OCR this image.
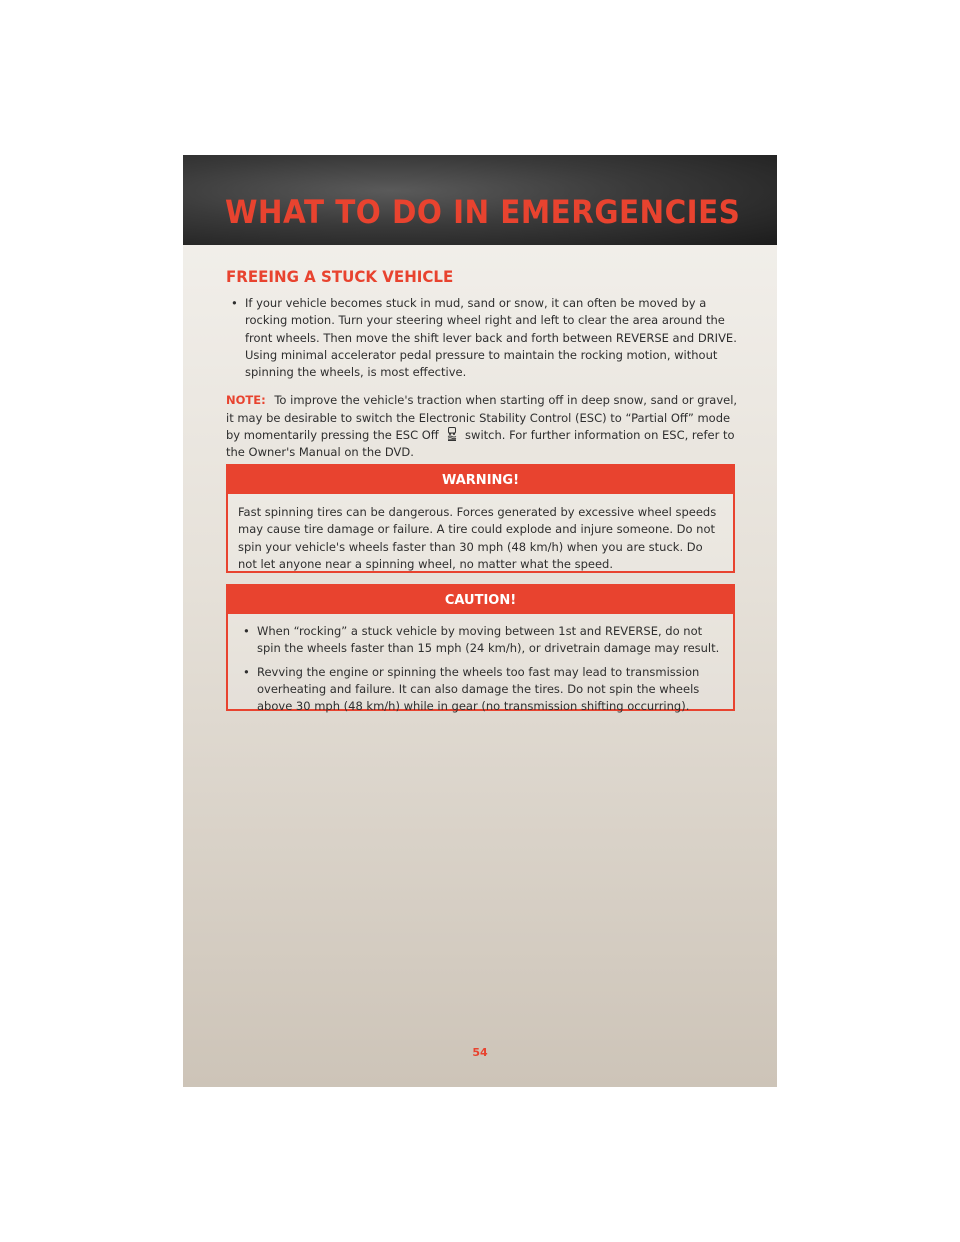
WHAT TO DO IN EMERGENCIES
FREEING A STUCK VEHICLE
• If your vehicle becomes stuck in mud, sand or snow, it can often be moved by a rocking motion. Turn your steering wheel right and left to clear the area around the front wheels. Then move the shift lever back and forth between REVERSE and DRIVE. Using minimal accelerator pedal pressure to maintain the rocking motion, without spinning the wheels, is most effective.
NOTE: To improve the vehicle's traction when starting off in deep snow, sand or gravel, it may be desirable to switch the Electronic Stability Control (ESC) to “Partial Off” mode by momentarily pressing the ESC Off switch. For further information on ESC, refer to the Owner's Manual on the DVD.
WARNING!
Fast spinning tires can be dangerous. Forces generated by excessive wheel speeds may cause tire damage or failure. A tire could explode and injure someone. Do not spin your vehicle's wheels faster than 30 mph (48 km/h) when you are stuck. Do not let anyone near a spinning wheel, no matter what the speed.
CAUTION!
• When “rocking” a stuck vehicle by moving between 1st and REVERSE, do not spin the wheels faster than 15 mph (24 km/h), or drivetrain damage may result.
• Revving the engine or spinning the wheels too fast may lead to transmission overheating and failure. It can also damage the tires. Do not spin the wheels above 30 mph (48 km/h) while in gear (no transmission shifting occurring).
54
